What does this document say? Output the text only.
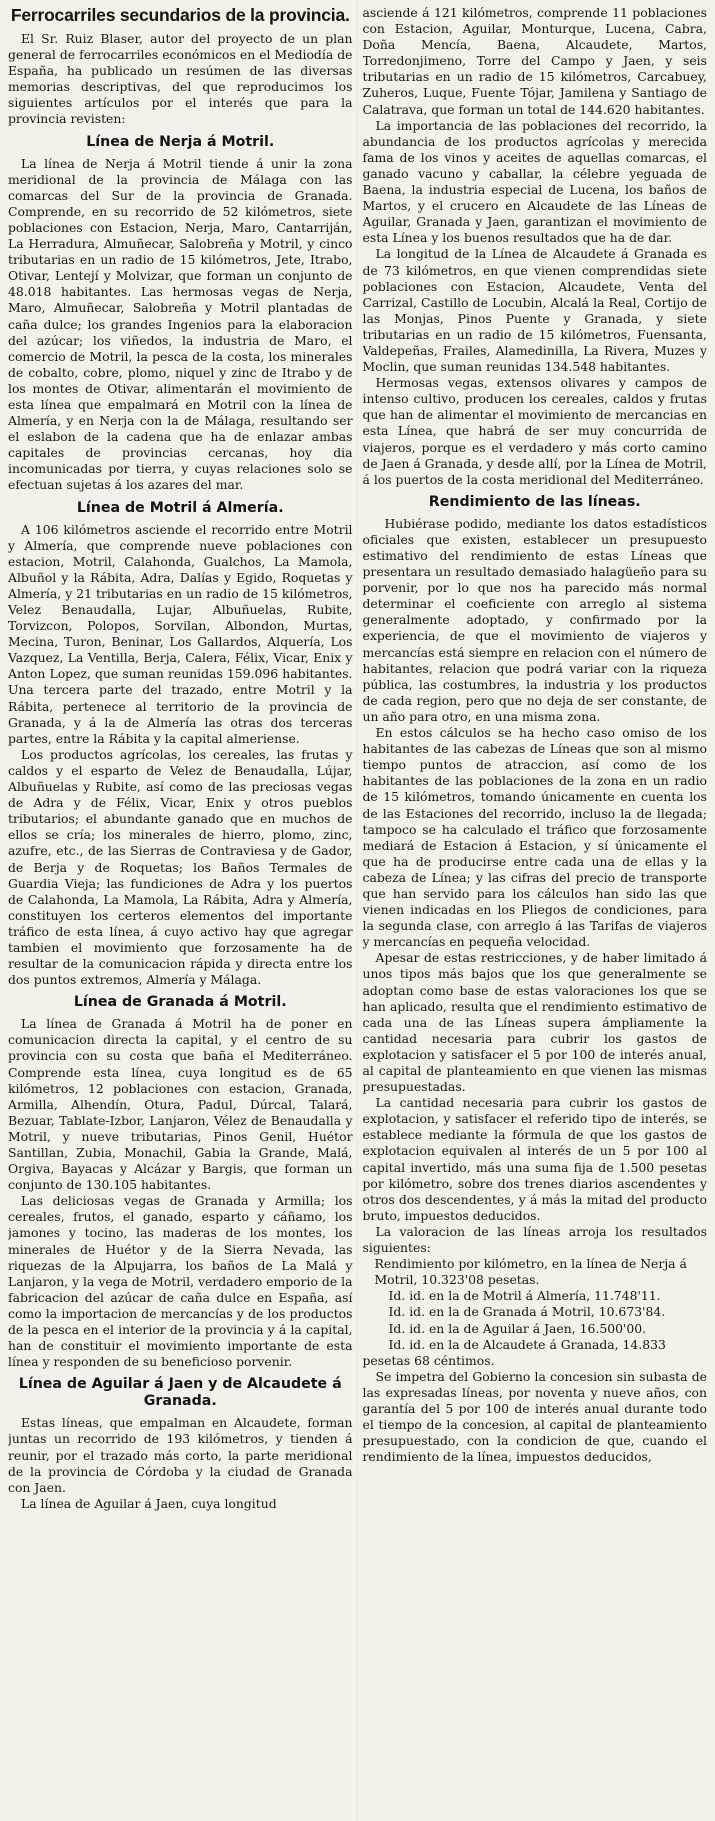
Ferrocarriles secundarios de la provincia.

El Sr. Ruiz Blaser, autor del proyecto de un plan general de ferrocarriles económicos en el Mediodía de España, ha publicado un resúmen de las diversas memorias descriptivas, del que reproducimos los siguientes artículos por el interés que para la provincia revisten:

Línea de Nerja á Motril.

La línea de Nerja á Motril tiende á unir la zona meridional de la provincia de Málaga con las comarcas del Sur de la provincia de Granada. Comprende, en su recorrido de 52 kilómetros, siete poblaciones con Estacion, Nerja, Maro, Cantarriján, La Herradura, Almuñecar, Salobreña y Motril, y cinco tributarias en un radio de 15 kilómetros, Jete, Itrabo, Otivar, Lentejí y Molvizar, que forman un conjunto de 48.018 habitantes. Las hermosas vegas de Nerja, Maro, Almuñecar, Salobreña y Motril plantadas de caña dulce; los grandes Ingenios para la elaboracion del azúcar; los viñedos, la industria de Maro, el comercio de Motril, la pesca de la costa, los minerales de cobalto, cobre, plomo, niquel y zinc de Itrabo y de los montes de Otivar, alimentarán el movimiento de esta línea que empalmará en Motril con la línea de Almería, y en Nerja con la de Málaga, resultando ser el eslabon de la cadena que ha de enlazar ambas capitales de provincias cercanas, hoy dia incomunicadas por tierra, y cuyas relaciones solo se efectuan sujetas á los azares del mar.

Línea de Motril á Almería.

A 106 kilómetros asciende el recorrido entre Motril y Almería, que comprende nueve poblaciones con estacion, Motril, Calahonda, Gualchos, La Mamola, Albuñol y la Rábita, Adra, Dalías y Egido, Roquetas y Almería, y 21 tributarias en un radio de 15 kilómetros, Velez Benaudalla, Lujar, Albuñuelas, Rubite, Torvizcon, Polopos, Sorvilan, Albondon, Murtas, Mecina, Turon, Beninar, Los Gallardos, Alquería, Los Vazquez, La Ventilla, Berja, Calera, Félix, Vicar, Enix y Anton Lopez, que suman reunidas 159.096 habitantes. Una tercera parte del trazado, entre Motril y la Rábita, pertenece al territorio de la provincia de Granada, y á la de Almería las otras dos terceras partes, entre la Rábita y la capital almeriense.

Los productos agrícolas, los cereales, las frutas y caldos y el esparto de Velez de Benaudalla, Lújar, Albuñuelas y Rubite, así como de las preciosas vegas de Adra y de Félix, Vicar, Enix y otros pueblos tributarios; el abundante ganado que en muchos de ellos se cría; los minerales de hierro, plomo, zinc, azufre, etc., de las Sierras de Contraviesa y de Gador, de Berja y de Roquetas; los Baños Termales de Guardia Vieja; las fundiciones de Adra y los puertos de Calahonda, La Mamola, La Rábita, Adra y Almería, constituyen los certeros elementos del importante tráfico de esta línea, á cuyo activo hay que agregar tambien el movimiento que forzosamente ha de resultar de la comunicacion rápida y directa entre los dos puntos extremos, Almería y Málaga.

Línea de Granada á Motril.

La línea de Granada á Motril ha de poner en comunicacion directa la capital, y el centro de su provincia con su costa que baña el Mediterráneo. Comprende esta línea, cuya longitud es de 65 kilómetros, 12 poblaciones con estacion, Granada, Armilla, Alhendín, Otura, Padul, Dúrcal, Talará, Bezuar, Tablate-Izbor, Lanjaron, Vélez de Benaudalla y Motril, y nueve tributarias, Pinos Genil, Huétor Santillan, Zubia, Monachil, Gabia la Grande, Malá, Orgiva, Bayacas y Alcázar y Bargis, que forman un conjunto de 130.105 habitantes.

Las deliciosas vegas de Granada y Armilla; los cereales, frutos, el ganado, esparto y cáñamo, los jamones y tocino, las maderas de los montes, los minerales de Huétor y de la Sierra Nevada, las riquezas de la Alpujarra, los baños de La Malá y Lanjaron, y la vega de Motril, verdadero emporio de la fabricacion del azúcar de caña dulce en España, así como la importacion de mercancías y de los productos de la pesca en el interior de la provincia y á la capital, han de constituir el movimiento importante de esta línea y responden de su beneficioso porvenir.

Línea de Aguilar á Jaen y de Alcaudete á Granada.

Estas líneas, que empalman en Alcaudete, forman juntas un recorrido de 193 kilómetros, y tienden á reunir, por el trazado más corto, la parte meridional de la provincia de Córdoba y la ciudad de Granada con Jaen.

La línea de Aguilar á Jaen, cuya longitud

asciende á 121 kilómetros, comprende 11 poblaciones con Estacion, Aguilar, Monturque, Lucena, Cabra, Doña Mencía, Baena, Alcaudete, Martos, Torredonjimeno, Torre del Campo y Jaen, y seis tributarias en un radio de 15 kilómetros, Carcabuey, Zuheros, Luque, Fuente Tójar, Jamilena y Santiago de Calatrava, que forman un total de 144.620 habitantes.

La importancia de las poblaciones del recorrido, la abundancia de los productos agrícolas y merecida fama de los vinos y aceites de aquellas comarcas, el ganado vacuno y caballar, la célebre yeguada de Baena, la industria especial de Lucena, los baños de Martos, y el crucero en Alcaudete de las Líneas de Aguilar, Granada y Jaen, garantizan el movimiento de esta Línea y los buenos resultados que ha de dar.

La longitud de la Línea de Alcaudete á Granada es de 73 kilómetros, en que vienen comprendidas siete poblaciones con Estacion, Alcaudete, Venta del Carrizal, Castillo de Locubin, Alcalá la Real, Cortijo de las Monjas, Pinos Puente y Granada, y siete tributarias en un radio de 15 kilómetros, Fuensanta, Valdepeñas, Frailes, Alamedinilla, La Rivera, Muzes y Moclin, que suman reunidas 134.548 habitantes.

Hermosas vegas, extensos olivares y campos de intenso cultivo, producen los cereales, caldos y frutas que han de alimentar el movimiento de mercancias en esta Línea, que habrá de ser muy concurrida de viajeros, porque es el verdadero y más corto camino de Jaen á Granada, y desde allí, por la Línea de Motril, á los puertos de la costa meridional del Mediterráneo.

Rendimiento de las líneas.

Hubiérase podido, mediante los datos estadísticos oficiales que existen, establecer un presupuesto estimativo del rendimiento de estas Líneas que presentara un resultado demasiado halagüeño para su porvenir, por lo que nos ha parecido más normal determinar el coeficiente con arreglo al sistema generalmente adoptado, y confirmado por la experiencia, de que el movimiento de viajeros y mercancías está siempre en relacion con el número de habitantes, relacion que podrá variar con la riqueza pública, las costumbres, la industria y los productos de cada region, pero que no deja de ser constante, de un año para otro, en una misma zona.

En estos cálculos se ha hecho caso omiso de los habitantes de las cabezas de Líneas que son al mismo tiempo puntos de atraccion, así como de los habitantes de las poblaciones de la zona en un radio de 15 kilómetros, tomando únicamente en cuenta los de las Estaciones del recorrido, incluso la de llegada; tampoco se ha calculado el tráfico que forzosamente mediará de Estacion á Estacion, y sí únicamente el que ha de producirse entre cada una de ellas y la cabeza de Línea; y las cifras del precio de transporte que han servido para los cálculos han sido las que vienen indicadas en los Pliegos de condiciones, para la segunda clase, con arreglo á las Tarifas de viajeros y mercancías en pequeña velocidad.

Apesar de estas restricciones, y de haber limitado á unos tipos más bajos que los que generalmente se adoptan como base de estas valoraciones los que se han aplicado, resulta que el rendimiento estimativo de cada una de las Líneas supera ámpliamente la cantidad necesaria para cubrir los gastos de explotacion y satisfacer el 5 por 100 de interés anual, al capital de planteamiento en que vienen las mismas presupuestadas.

La cantidad necesaria para cubrir los gastos de explotacion, y satisfacer el referido tipo de interés, se establece mediante la fórmula de que los gastos de explotacion equivalen al interés de un 5 por 100 al capital invertido, más una suma fija de 1.500 pesetas por kilómetro, sobre dos trenes diarios ascendentes y otros dos descendentes, y á más la mitad del producto bruto, impuestos deducidos.

La valoracion de las líneas arroja los resultados siguientes:

Rendimiento por kilómetro, en la línea de Nerja á Motril, 10.323'08 pesetas.
Id. id. en la de Motril á Almería, 11.748'11.
Id. id. en la de Granada á Motril, 10.673'84.
Id. id. en la de Aguilar á Jaen, 16.500'00.
Id. id. en la de Alcaudete á Granada, 14.833
pesetas 68 céntimos.

Se impetra del Gobierno la concesion sin subasta de las expresadas líneas, por noventa y nueve años, con garantía del 5 por 100 de interés anual durante todo el tiempo de la concesion, al capital de planteamiento presupuestado, con la condicion de que, cuando el rendimiento de la línea, impuestos deducidos,
